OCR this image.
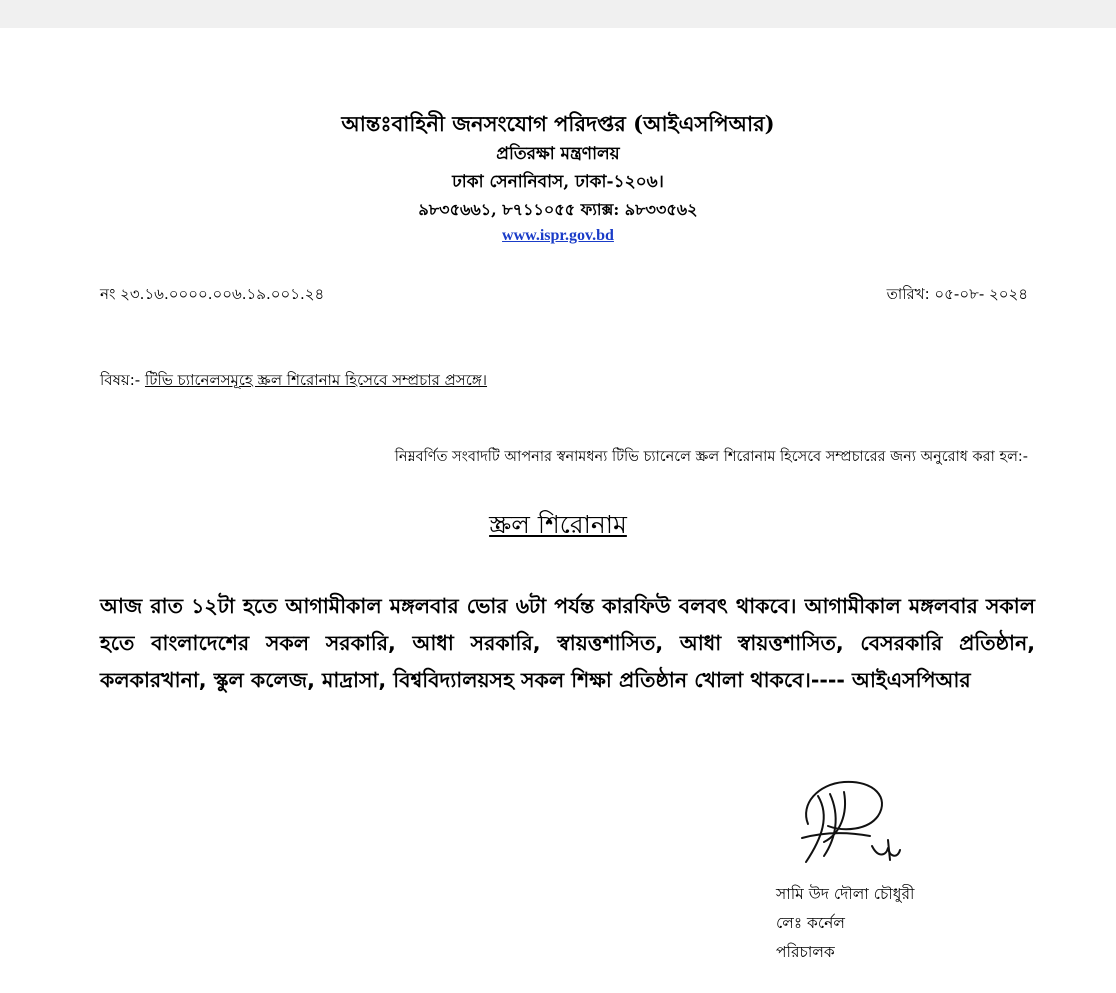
আন্তঃবাহিনী জনসংযোগ পরিদপ্তর (আইএসপিআর)
প্রতিরক্ষা মন্ত্রণালয়
ঢাকা সেনানিবাস, ঢাকা-১২০৬।
৯৮৩৫৬৬১, ৮৭১১০৫৫ ফ্যাক্স: ৯৮৩৩৫৬২
www.ispr.gov.bd
নং ২৩.১৬.০০০০.০০৬.১৯.০০১.২৪	তারিখ: ০৫-০৮- ২০২৪
বিষয়:- টিভি চ্যানেলসমূহে স্ক্রল শিরোনাম হিসেবে সম্প্রচার প্রসঙ্গে।
নিম্নবর্ণিত সংবাদটি আপনার স্বনামধন্য টিভি চ্যানেলে স্ক্রল শিরোনাম হিসেবে সম্প্রচারের জন্য অনুরোধ করা হল:-
স্ক্রল শিরোনাম
আজ রাত ১২টা হতে আগামীকাল মঙ্গলবার ভোর ৬টা পর্যন্ত কারফিউ বলবৎ থাকবে। আগামীকাল মঙ্গলবার সকাল হতে বাংলাদেশের সকল সরকারি, আধা সরকারি, স্বায়ত্তশাসিত, আধা স্বায়ত্তশাসিত, বেসরকারি প্রতিষ্ঠান, কলকারখানা, স্কুল কলেজ, মাদ্রাসা, বিশ্ববিদ্যালয়সহ সকল শিক্ষা প্রতিষ্ঠান খোলা থাকবে।---- আইএসপিআর
সামি উদ দৌলা চৌধুরী
লেঃ কর্নেল
পরিচালক
